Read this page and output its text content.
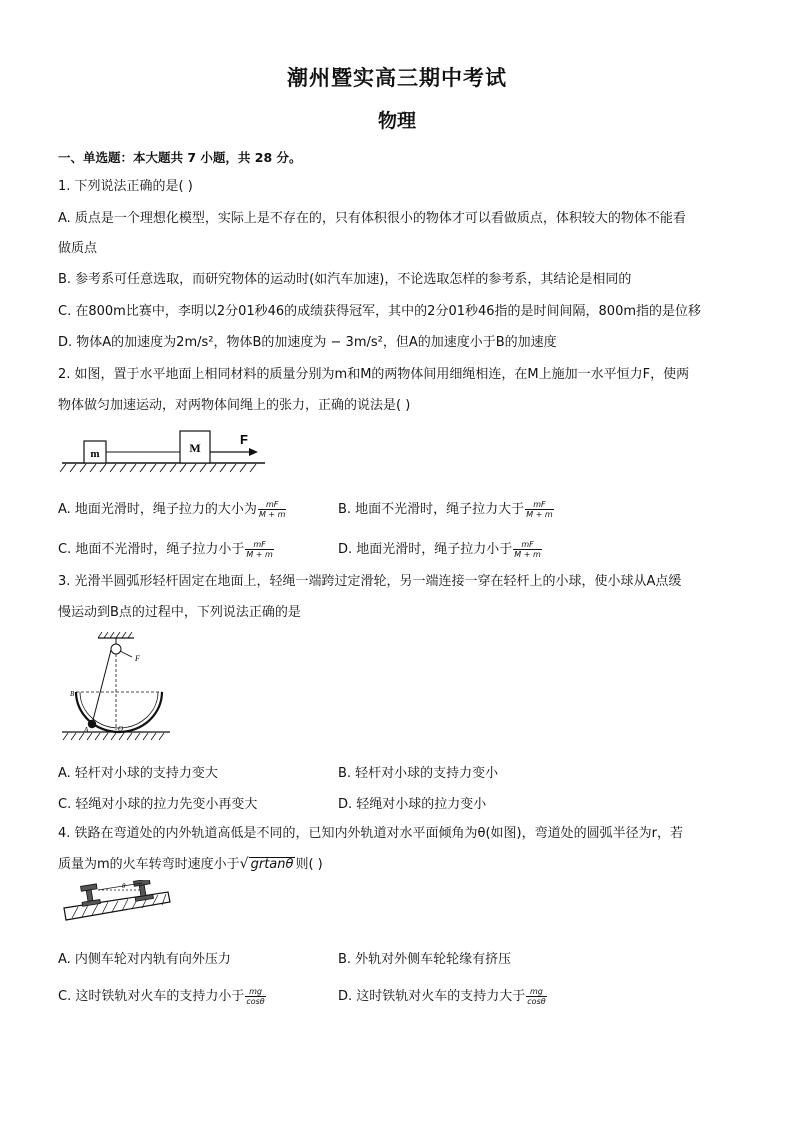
潮州暨实高三期中考试
物理
一、单选题：本大题共 7 小题，共 28 分。
1. 下列说法正确的是( )
A. 质点是一个理想化模型，实际上是不存在的，只有体积很小的物体才可以看做质点，体积较大的物体不能看
做质点
B. 参考系可任意选取，而研究物体的运动时(如汽车加速)，不论选取怎样的参考系，其结论是相同的
C. 在800m比赛中，李明以2分01秒46的成绩获得冠军，其中的2分01秒46指的是时间间隔，800m指的是位移
D. 物体A的加速度为2m/s²，物体B的加速度为 − 3m/s²，但A的加速度小于B的加速度
2. 如图，置于水平地面上相同材料的质量分别为m和M的两物体间用细绳相连，在M上施加一水平恒力F，使两
物体做匀加速运动，对两物体间绳上的张力，正确的说法是( )
m	M
F
A. 地面光滑时，绳子拉力的大小为 $\frac{mF}{M + m}$	B. 地面不光滑时，绳子拉力大于 $\frac{mF}{M + m}$
C. 地面不光滑时，绳子拉力小于 $\frac{mF}{M + m}$	D. 地面光滑时，绳子拉力小于 $\frac{mF}{M + m}$
3. 光滑半圆弧形轻杆固定在地面上，轻绳一端跨过定滑轮，另一端连接一穿在轻杆上的小球，使小球从A点缓
慢运动到B点的过程中，下列说法正确的是
F
B
A	O
A. 轻杆对小球的支持力变大	B. 轻杆对小球的支持力变小
C. 轻绳对小球的拉力先变小再变大	D. 轻绳对小球的拉力变小
4. 铁路在弯道处的内外轨道高低是不同的，已知内外轨道对水平面倾角为θ(如图)，弯道处的圆弧半径为r，若
质量为m的火车转弯时速度小于√ grtanθ 则( )
θ
A. 内侧车轮对内轨有向外压力	B. 外轨对外侧车轮轮缘有挤压
C. 这时铁轨对火车的支持力小于 $\frac{mg}{\cos\theta}$	D. 这时铁轨对火车的支持力大于 $\frac{mg}{\cos\theta}$
